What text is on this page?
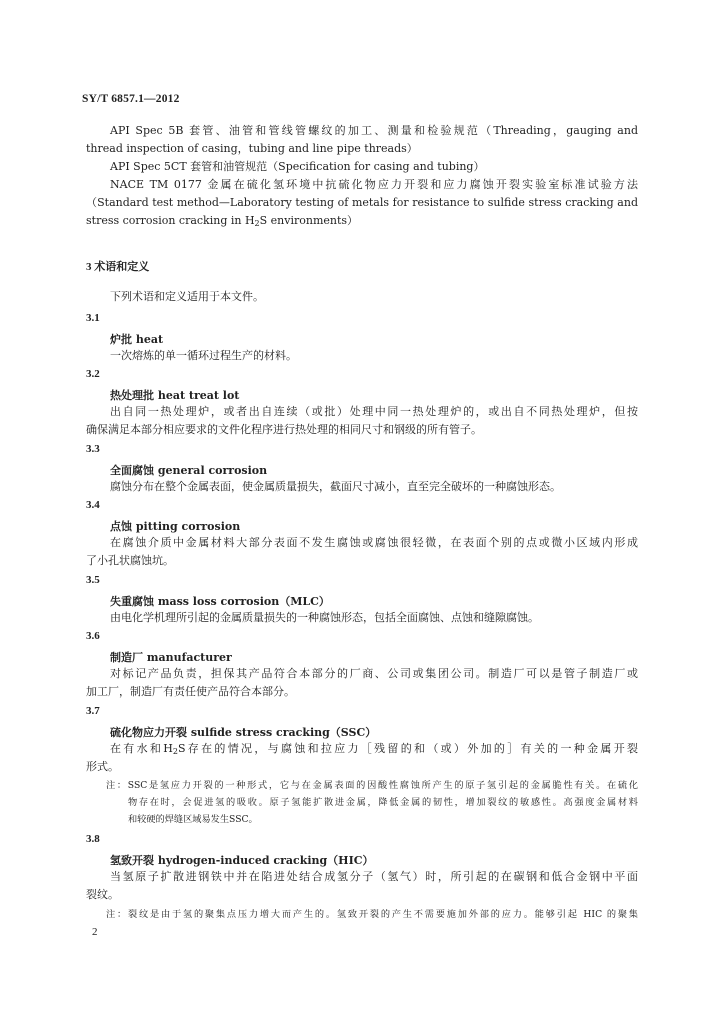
SY/T 6857.1—2012
API Spec 5B 套管、油管和管线管螺纹的加工、测量和检验规范（Threading，gauging and
thread inspection of casing，tubing and line pipe threads）
API Spec 5CT 套管和油管规范（Specification for casing and tubing）
NACE TM 0177 金属在硫化氢环境中抗硫化物应力开裂和应力腐蚀开裂实验室标准试验方法
（Standard test method—Laboratory testing of metals for resistance to sulfide stress cracking and
stress corrosion cracking in $H_2S$ environments）
3 术语和定义
下列术语和定义适用于本文件。
3.1
炉批 heat
一次熔炼的单一循环过程生产的材料。
3.2
热处理批 heat treat lot
出自同一热处理炉，或者出自连续（或批）处理中同一热处理炉的，或出自不同热处理炉，但按
确保满足本部分相应要求的文件化程序进行热处理的相同尺寸和钢级的所有管子。
3.3
全面腐蚀 general corrosion
腐蚀分布在整个金属表面，使金属质量损失，截面尺寸减小，直至完全破坏的一种腐蚀形态。
3.4
点蚀 pitting corrosion
在腐蚀介质中金属材料大部分表面不发生腐蚀或腐蚀很轻微，在表面个别的点或微小区域内形成
了小孔状腐蚀坑。
3.5
失重腐蚀 mass loss corrosion（MLC）
由电化学机理所引起的金属质量损失的一种腐蚀形态，包括全面腐蚀、点蚀和缝隙腐蚀。
3.6
制造厂 manufacturer
对标记产品负责，担保其产品符合本部分的厂商、公司或集团公司。制造厂可以是管子制造厂或
加工厂，制造厂有责任使产品符合本部分。
3.7
硫化物应力开裂 sulfide stress cracking（SSC）
在有水和$H_2S$存在的情况，与腐蚀和拉应力［残留的和（或）外加的］有关的一种金属开裂
形式。
注：SSC是氢应力开裂的一种形式，它与在金属表面的因酸性腐蚀所产生的原子氢引起的金属脆性有关。在硫化
物存在时，会促进氢的吸收。原子氢能扩散进金属，降低金属的韧性，增加裂纹的敏感性。高强度金属材料
和较硬的焊缝区域易发生SSC。
3.8
氢致开裂 hydrogen-induced cracking（HIC）
当氢原子扩散进钢铁中并在陷进处结合成氢分子（氢气）时，所引起的在碳钢和低合金钢中平面
裂纹。
注：裂纹是由于氢的聚集点压力增大而产生的。氢致开裂的产生不需要施加外部的应力。能够引起 HIC 的聚集
2
